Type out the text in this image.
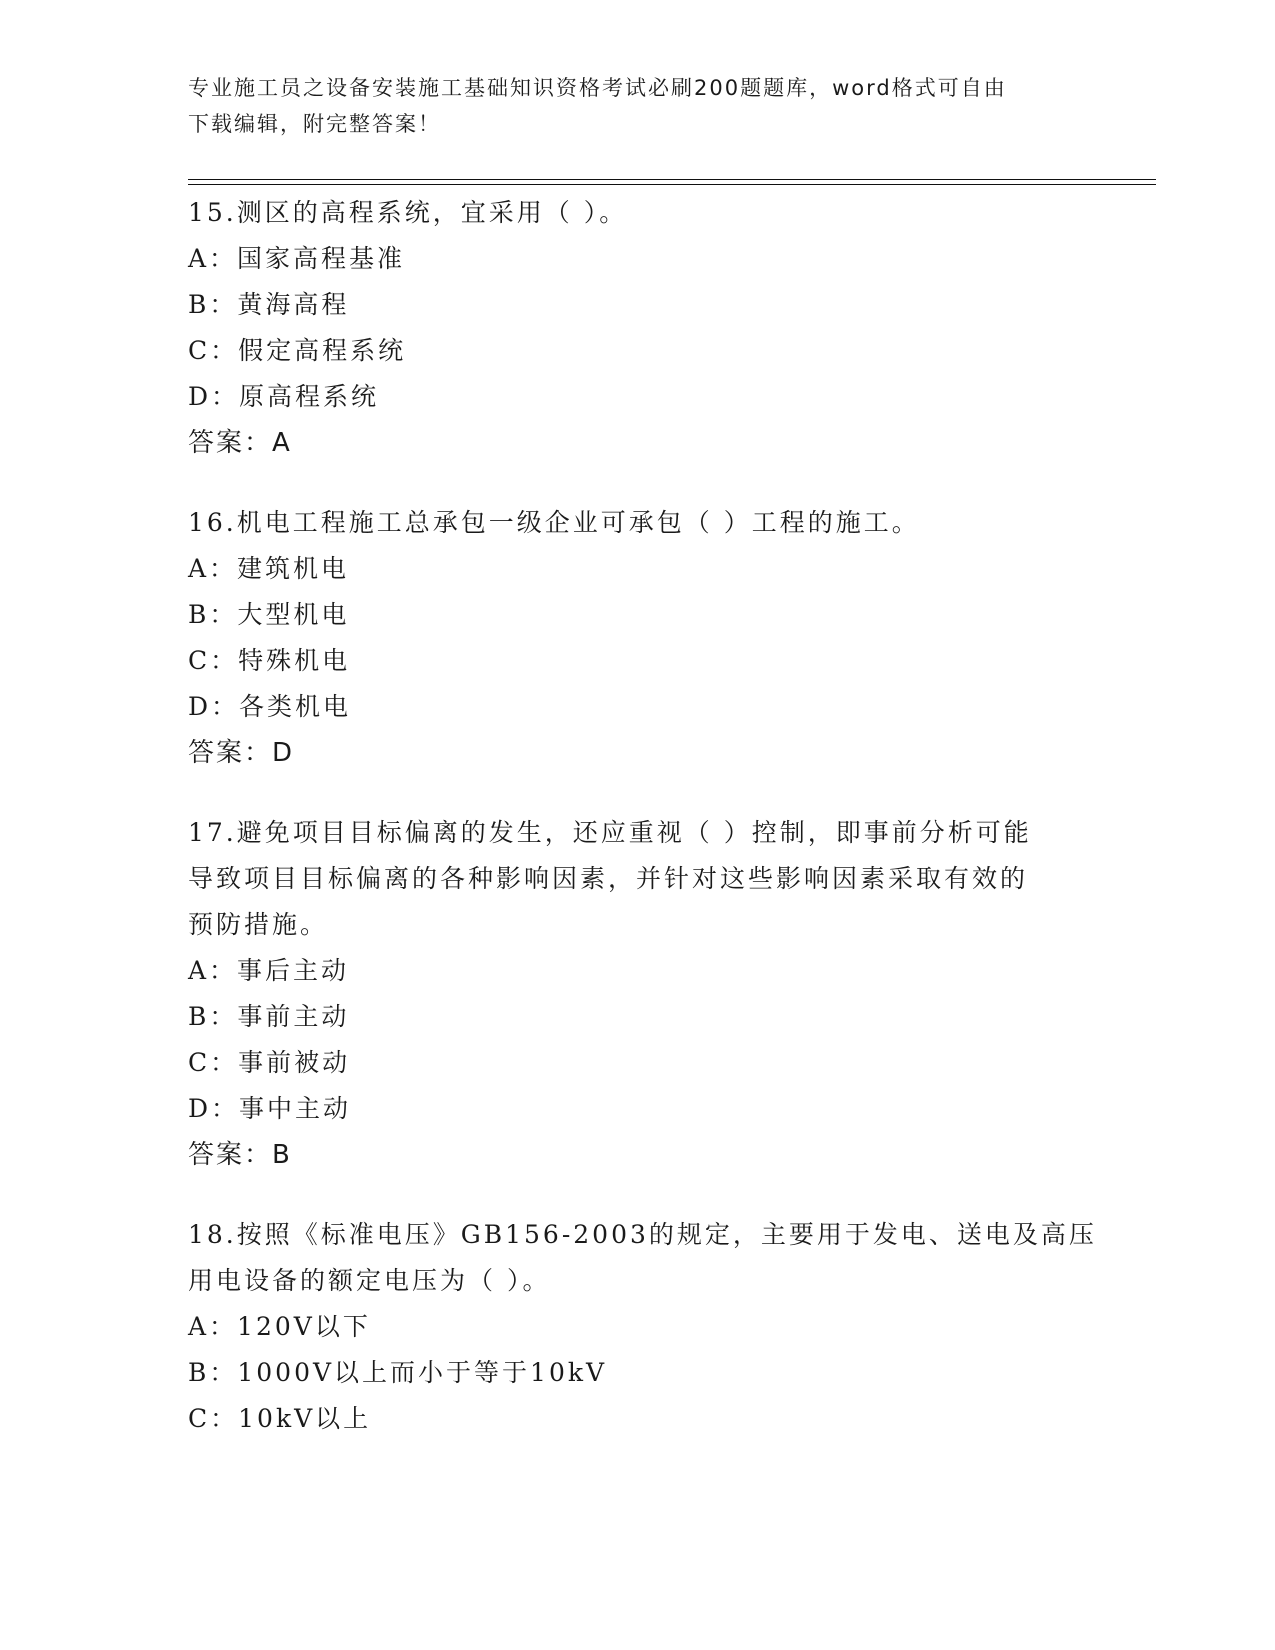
专业施工员之设备安装施工基础知识资格考试必刷200题题库，word格式可自由
下载编辑，附完整答案！
15.测区的高程系统，宜采用（ ）。
A：国家高程基准
B：黄海高程
C：假定高程系统
D：原高程系统
答案：A
16.机电工程施工总承包一级企业可承包（ ）工程的施工。
A：建筑机电
B：大型机电
C：特殊机电
D：各类机电
答案：D
17.避免项目目标偏离的发生，还应重视（ ）控制，即事前分析可能
导致项目目标偏离的各种影响因素，并针对这些影响因素采取有效的
预防措施。
A：事后主动
B：事前主动
C：事前被动
D：事中主动
答案：B
18.按照《标准电压》GB156-2003的规定，主要用于发电、送电及高压
用电设备的额定电压为（ ）。
A：120V以下
B：1000V以上而小于等于10kV
C：10kV以上
